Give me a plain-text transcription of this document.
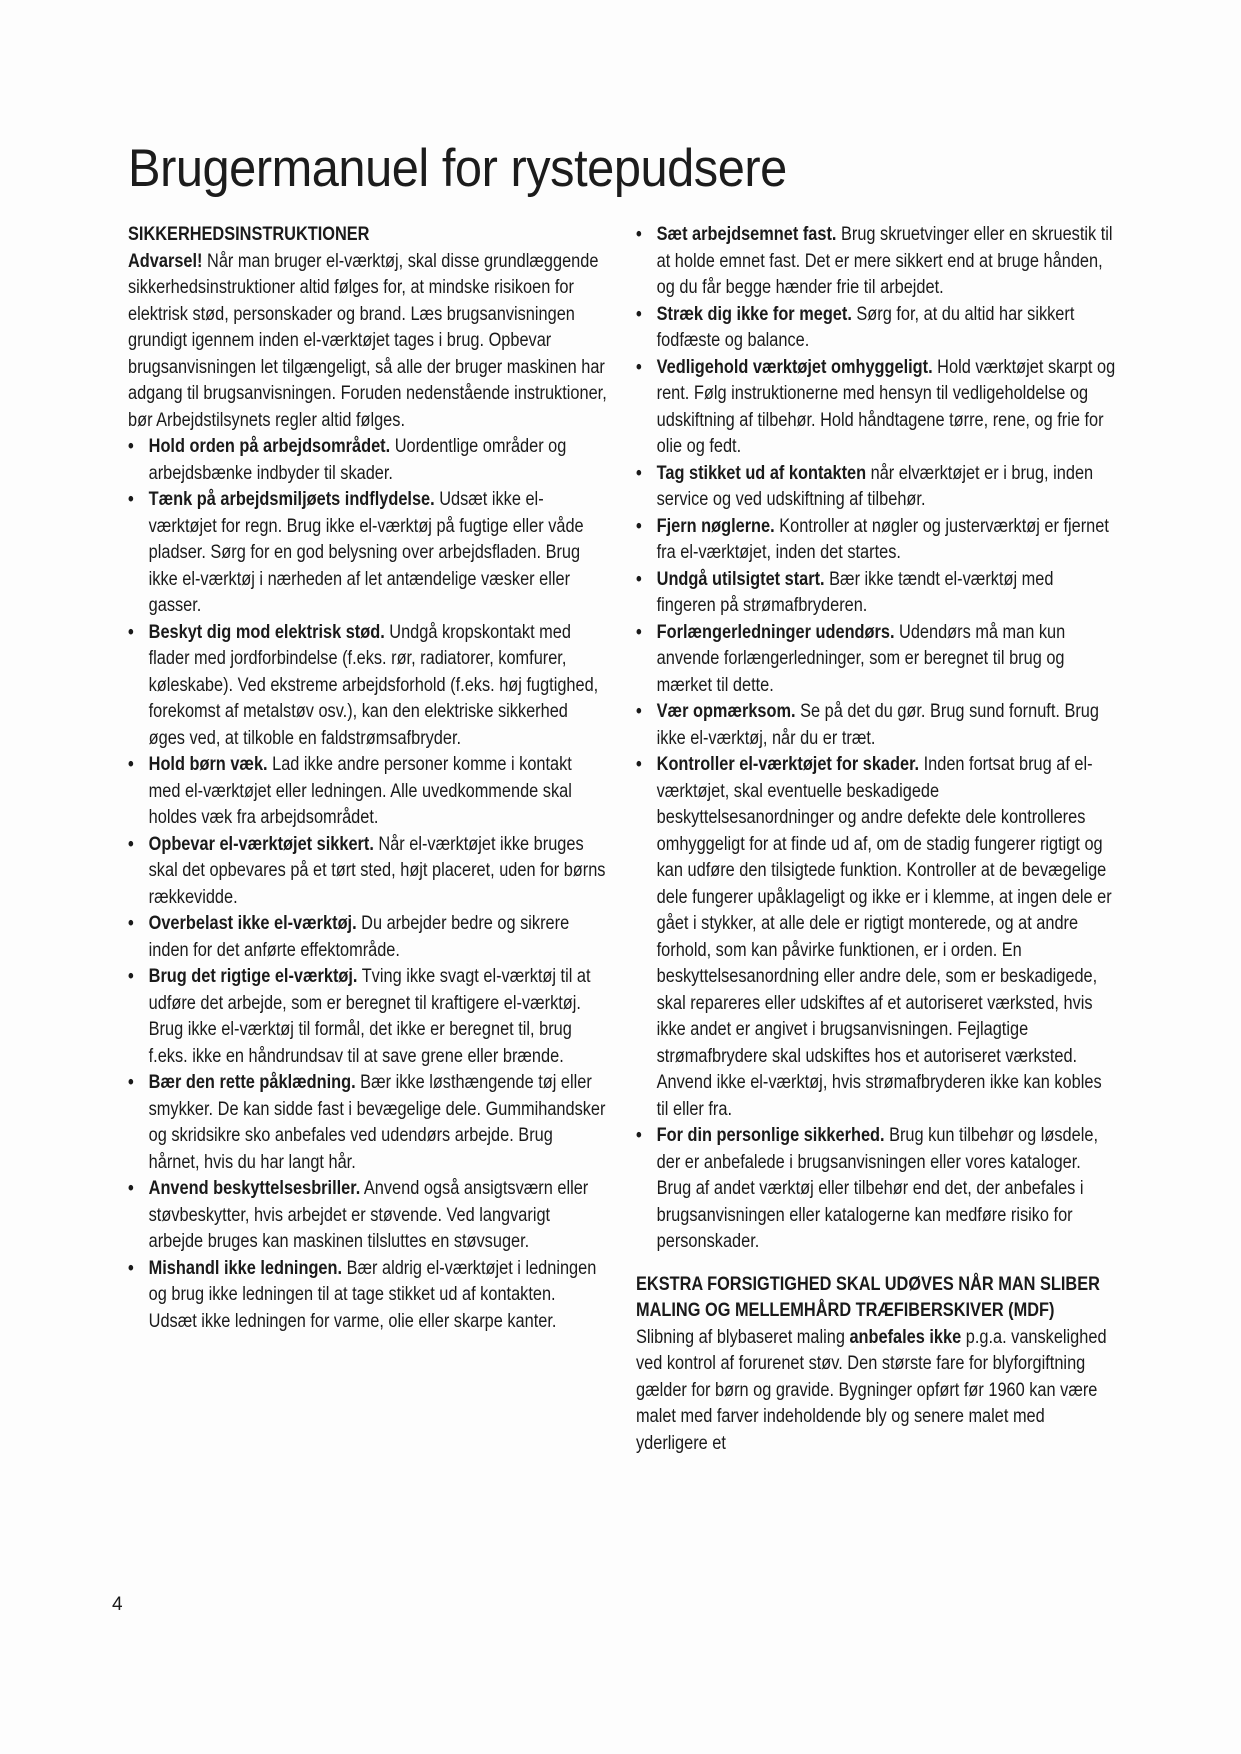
Brugermanuel for rystepudsere

SIKKERHEDSINSTRUKTIONER

Advarsel! Når man bruger el-værktøj, skal disse grundlæggende sikkerhedsinstruktioner altid følges for, at mindske risikoen for elektrisk stød, personskader og brand. Læs brugsanvisningen grundigt igennem inden el-værktøjet tages i brug. Opbevar brugsanvisningen let tilgængeligt, så alle der bruger maskinen har adgang til brugsanvisningen. Foruden nedenstående instruktioner, bør Arbejdstilsynets regler altid følges.

• Hold orden på arbejdsområdet. Uordentlige områder og arbejdsbænke indbyder til skader.
• Tænk på arbejdsmiljøets indflydelse. Udsæt ikke el-værktøjet for regn. Brug ikke el-værktøj på fugtige eller våde pladser. Sørg for en god belysning over arbejdsfladen. Brug ikke el-værktøj i nærheden af let antændelige væsker eller gasser.
• Beskyt dig mod elektrisk stød. Undgå kropskontakt med flader med jordforbindelse (f.eks. rør, radiatorer, komfurer, køleskabe). Ved ekstreme arbejdsforhold (f.eks. høj fugtighed, forekomst af metalstøv osv.), kan den elektriske sikkerhed øges ved, at tilkoble en faldstrømsafbryder.
• Hold børn væk. Lad ikke andre personer komme i kontakt med el-værktøjet eller ledningen. Alle uvedkommende skal holdes væk fra arbejdsområdet.
• Opbevar el-værktøjet sikkert. Når el-værktøjet ikke bruges skal det opbevares på et tørt sted, højt placeret, uden for børns rækkevidde.
• Overbelast ikke el-værktøj. Du arbejder bedre og sikrere inden for det anførte effektområde.
• Brug det rigtige el-værktøj. Tving ikke svagt el-værktøj til at udføre det arbejde, som er beregnet til kraftigere el-værktøj. Brug ikke el-værktøj til formål, det ikke er beregnet til, brug f.eks. ikke en håndrundsav til at save grene eller brænde.
• Bær den rette påklædning. Bær ikke løsthængende tøj eller smykker. De kan sidde fast i bevægelige dele. Gummihandsker og skridsikre sko anbefales ved udendørs arbejde. Brug hårnet, hvis du har langt hår.
• Anvend beskyttelsesbriller. Anvend også ansigtsværn eller støvbeskytter, hvis arbejdet er støvende. Ved langvarigt arbejde bruges kan maskinen tilsluttes en støvsuger.
• Mishandl ikke ledningen. Bær aldrig el-værktøjet i ledningen og brug ikke ledningen til at tage stikket ud af kontakten. Udsæt ikke ledningen for varme, olie eller skarpe kanter.
• Sæt arbejdsemnet fast. Brug skruetvinger eller en skruestik til at holde emnet fast. Det er mere sikkert end at bruge hånden, og du får begge hænder frie til arbejdet.
• Stræk dig ikke for meget. Sørg for, at du altid har sikkert fodfæste og balance.
• Vedligehold værktøjet omhyggeligt. Hold værktøjet skarpt og rent. Følg instruktionerne med hensyn til vedligeholdelse og udskiftning af tilbehør. Hold håndtagene tørre, rene, og frie for olie og fedt.
• Tag stikket ud af kontakten når elværktøjet er i brug, inden service og ved udskiftning af tilbehør.
• Fjern nøglerne. Kontroller at nøgler og justerværktøj er fjernet fra el-værktøjet, inden det startes.
• Undgå utilsigtet start. Bær ikke tændt el-værktøj med fingeren på strømafbryderen.
• Forlængerledninger udendørs. Udendørs må man kun anvende forlængerledninger, som er beregnet til brug og mærket til dette.
• Vær opmærksom. Se på det du gør. Brug sund fornuft. Brug ikke el-værktøj, når du er træt.
• Kontroller el-værktøjet for skader. Inden fortsat brug af el-værktøjet, skal eventuelle beskadigede beskyttelsesanordninger og andre defekte dele kontrolleres omhyggeligt for at finde ud af, om de stadig fungerer rigtigt og kan udføre den tilsigtede funktion. Kontroller at de bevægelige dele fungerer upåklageligt og ikke er i klemme, at ingen dele er gået i stykker, at alle dele er rigtigt monterede, og at andre forhold, som kan påvirke funktionen, er i orden. En beskyttelsesanordning eller andre dele, som er beskadigede, skal repareres eller udskiftes af et autoriseret værksted, hvis ikke andet er angivet i brugsanvisningen. Fejlagtige strømafbrydere skal udskiftes hos et autoriseret værksted. Anvend ikke el-værktøj, hvis strømafbryderen ikke kan kobles til eller fra.
• For din personlige sikkerhed. Brug kun tilbehør og løsdele, der er anbefalede i brugsanvisningen eller vores kataloger. Brug af andet værktøj eller tilbehør end det, der anbefales i brugsanvisningen eller katalogerne kan medføre risiko for personskader.

EKSTRA FORSIGTIGHED SKAL UDØVES NÅR MAN SLIBER MALING OG MELLEMHÅRD TRÆFIBERSKIVER (MDF)

Slibning af blybaseret maling anbefales ikke p.g.a. vanskelighed ved kontrol af forurenet støv. Den største fare for blyforgiftning gælder for børn og gravide. Bygninger opført før 1960 kan være malet med farver indeholdende bly og senere malet med yderligere et

4
